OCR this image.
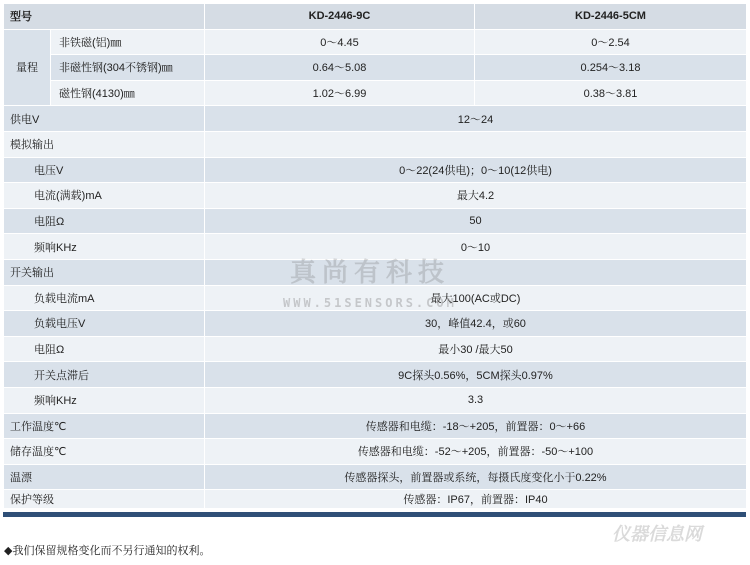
型号		KD-2446-9C	KD-2446-5CM
量程	非铁磁(铝)㎜	0～4.45	0～2.54
	非磁性钢(304不锈钢)㎜	0.64～5.08	0.254～3.18
	磁性钢(4130)㎜	1.02～6.99	0.38～3.81
供电V		12～24	
模拟输出			
电压V		0～22(24供电)；0～10(12供电)	
电流(满载)mA		最大4.2	
电阻Ω		50	
频响KHz		0～10	
开关输出			
负载电流mA		最大100(AC或DC)	
负载电压V		30，峰值42.4，或60	
电阻Ω		最小30 /最大50	
开关点滞后		9C探头0.56%，5CM探头0.97%	
频响KHz		3.3	
工作温度℃		传感器和电缆：-18～+205，前置器：0～+66	
储存温度℃		传感器和电缆：-52～+205，前置器：-50～+100	
温漂		传感器探头，前置器或系统，每摄氏度变化小于0.22%	
保护等级		传感器：IP67，前置器：IP40	
真尚有科技
WWW.51SENSORS.COM
仪器信息网
◆我们保留规格变化而不另行通知的权利。
